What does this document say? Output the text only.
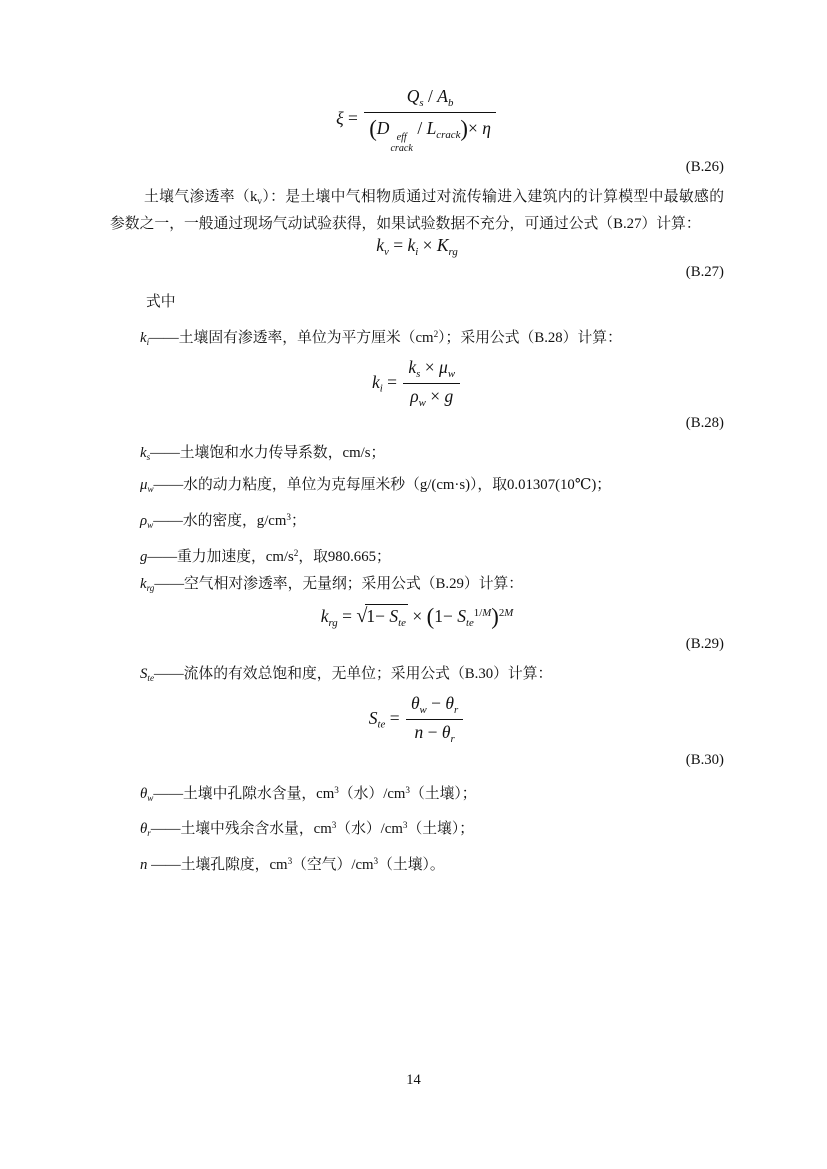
$\xi = Q_s / A_b$
(D eff
crack
/ $L_{crack})\times \eta$
(B.26)

土壤气渗透率$(k_v)$：是土壤中气相物质通过对流传输进入建筑内的计算模型中最敏感的参数之一，一般通过现场气动试验获得，如果试验数据不充分，可通过公式（B.27）计算：

$k_v = k_i \times K_{rg}$
(B.27)

式中

$k_i——$土壤固有渗透率，单位为平方厘米$(cm^2)$；采用公式（B.28）计算：

$k_i = \frac{k_s \times \mu_w}{\rho_w \times g}$
(B.28)

$k_s——$土壤饱和水力传导系数，cm/s；

$\mu_w——$水的动力粘度，单位为克每厘米秒（g/(cm·s)），取0.01307(10℃)；

$\rho_w——$水的密度，$g/cm^3$；

g——重力加速度，$cm/s^2$，取980.665；

$k_{rg}——$空气相对渗透率，无量纲；采用公式（B.29）计算：

$k_{rg} = √1- S_{te} \times (1- S_{te}^{1/M})^{2M}$
(B.29)

$S_{te}——$流体的有效总饱和度，无单位；采用公式（B.30）计算：

$S_{te} = \frac{\theta_w - \theta_r}{n - \theta_r}$
(B.30)

$\theta_w——$土壤中孔隙水含量，$cm^3$（水）$/cm^3$（土壤）；

$\theta_r——$土壤中残余含水量，$cm^3$（水）$/cm^3$（土壤）；

n ——土壤孔隙度，$cm^3$（空气）$/cm^3$（土壤）。

14
